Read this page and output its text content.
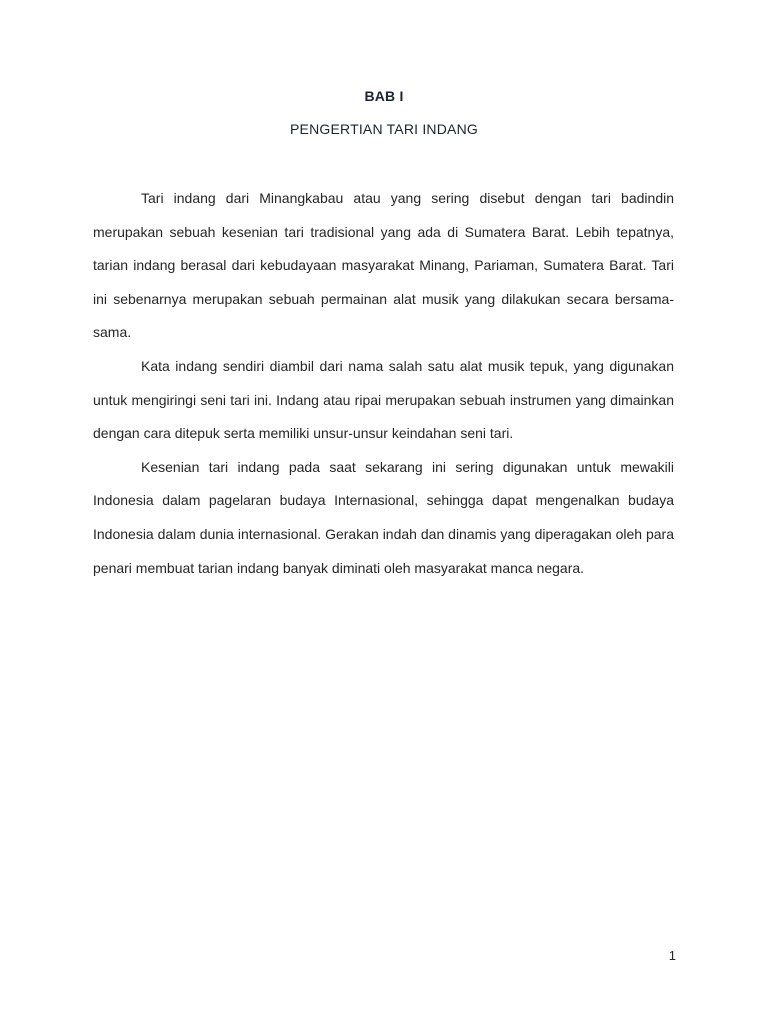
BAB I
PENGERTIAN TARI INDANG

Tari indang dari Minangkabau atau yang sering disebut dengan tari badindin merupakan sebuah kesenian tari tradisional yang ada di Sumatera Barat. Lebih tepatnya, tarian indang berasal dari kebudayaan masyarakat Minang, Pariaman, Sumatera Barat. Tari ini sebenarnya merupakan sebuah permainan alat musik yang dilakukan secara bersama-sama.

Kata indang sendiri diambil dari nama salah satu alat musik tepuk, yang digunakan untuk mengiringi seni tari ini. Indang atau ripai merupakan sebuah instrumen yang dimainkan dengan cara ditepuk serta memiliki unsur-unsur keindahan seni tari.

Kesenian tari indang pada saat sekarang ini sering digunakan untuk mewakili Indonesia dalam pagelaran budaya Internasional, sehingga dapat mengenalkan budaya Indonesia dalam dunia internasional. Gerakan indah dan dinamis yang diperagakan oleh para penari membuat tarian indang banyak diminati oleh masyarakat manca negara.

1
